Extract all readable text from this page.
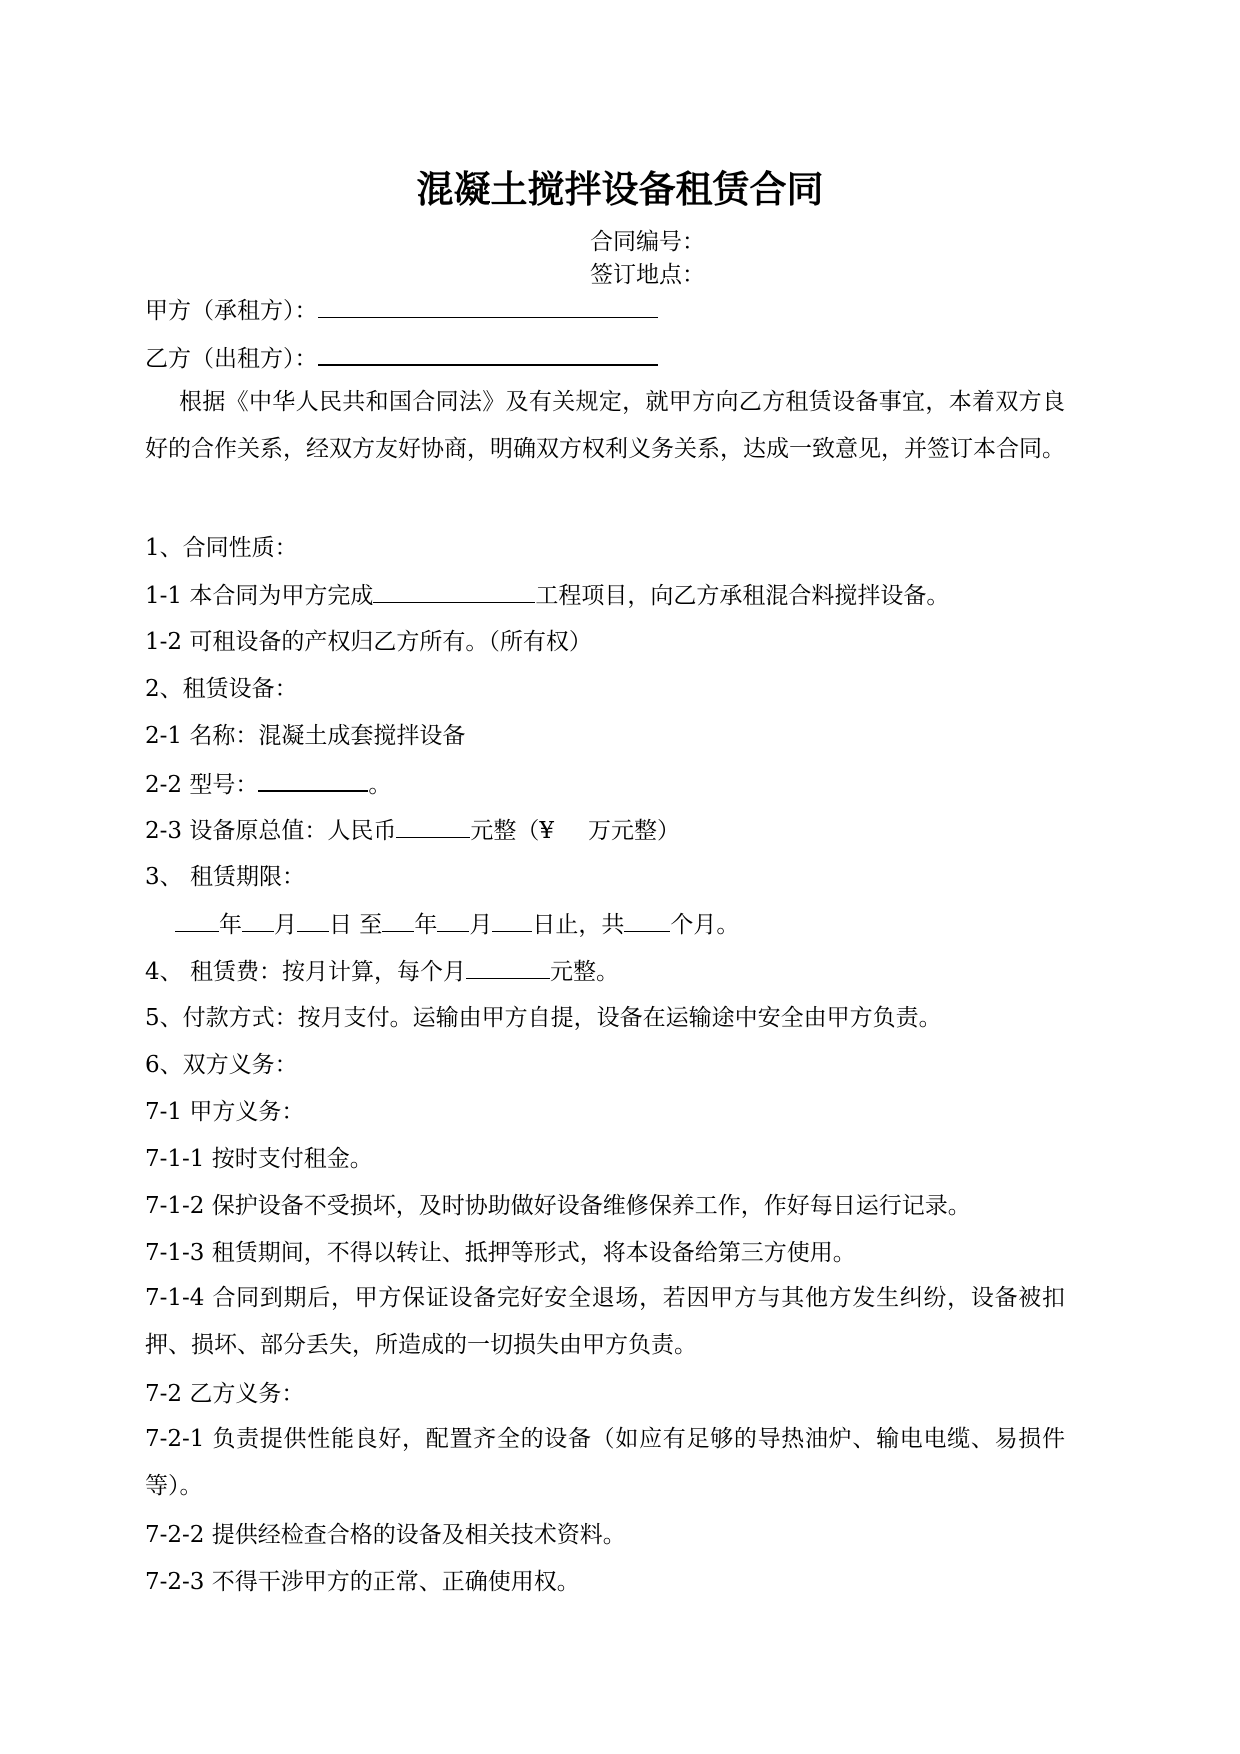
混凝土搅拌设备租赁合同
合同编号：
签订地点：
甲方（承租方）：
乙方（出租方）：
根据《中华人民共和国合同法》及有关规定，就甲方向乙方租赁设备事宜，本着双方良好的合作关系，经双方友好协商，明确双方权利义务关系，达成一致意见，并签订本合同。
1、合同性质：
1-1 本合同为甲方完成	工程项目，向乙方承租混合料搅拌设备。
1-2 可租设备的产权归乙方所有。（所有权）
2、租赁设备：
2-1 名称：混凝土成套搅拌设备
2-2 型号：	。
2-3 设备原总值：人民币	元整（¥ 万元整）
3、 租赁期限：
年 月 日 至 年 月 日止，共 个月。
4、 租赁费：按月计算，每个月	元整。
5、付款方式：按月支付。运输由甲方自提，设备在运输途中安全由甲方负责。
6、双方义务：
7-1 甲方义务：
7-1-1 按时支付租金。
7-1-2 保护设备不受损坏，及时协助做好设备维修保养工作，作好每日运行记录。
7-1-3 租赁期间，不得以转让、抵押等形式，将本设备给第三方使用。
7-1-4 合同到期后，甲方保证设备完好安全退场，若因甲方与其他方发生纠纷，设备被扣押、损坏、部分丢失，所造成的一切损失由甲方负责。
7-2 乙方义务：
7-2-1 负责提供性能良好，配置齐全的设备（如应有足够的导热油炉、输电电缆、易损件等）。
7-2-2 提供经检查合格的设备及相关技术资料。
7-2-3 不得干涉甲方的正常、正确使用权。
